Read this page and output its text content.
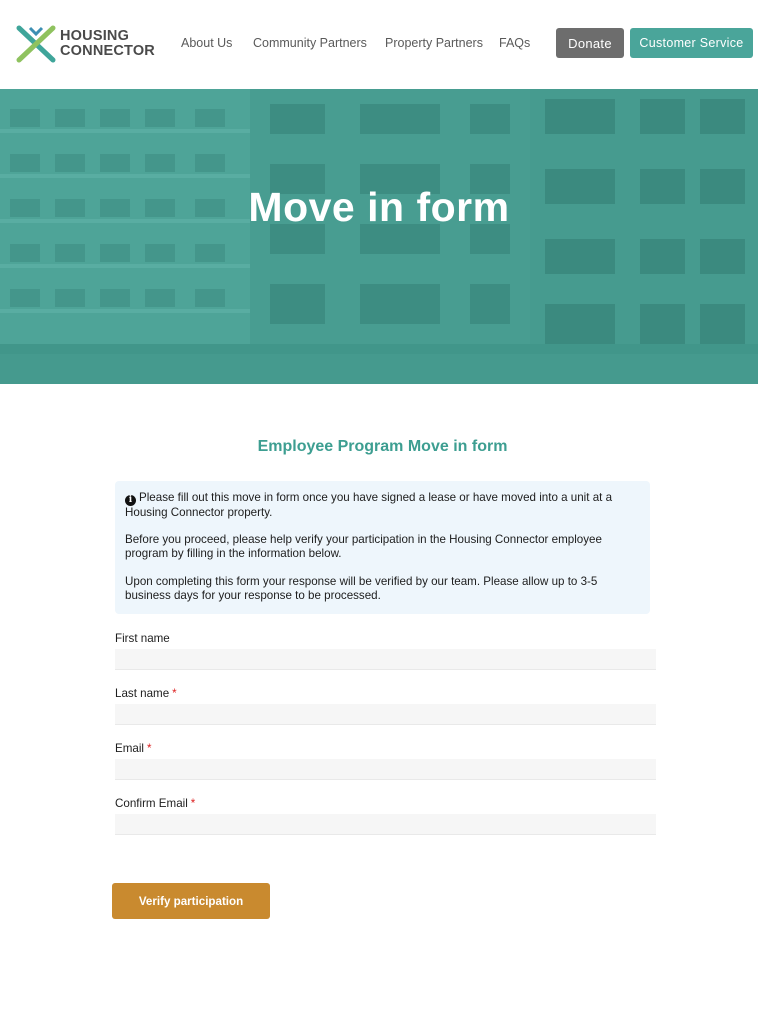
HOUSING
CONNECTOR About Us Community Partners Property Partners FAQs	Donate	Customer Service
Move in form
Employee Program Move in form

i Please fill out this move in form once you have signed a lease or have moved into a unit at a Housing Connector property.

Before you proceed, please help verify your participation in the Housing Connector employee program by filling in the information below.

Upon completing this form your response will be verified by our team. Please allow up to 3-5 business days for your response to be processed.

First name
Last name *
Email *
Confirm Email *
Verify participation
